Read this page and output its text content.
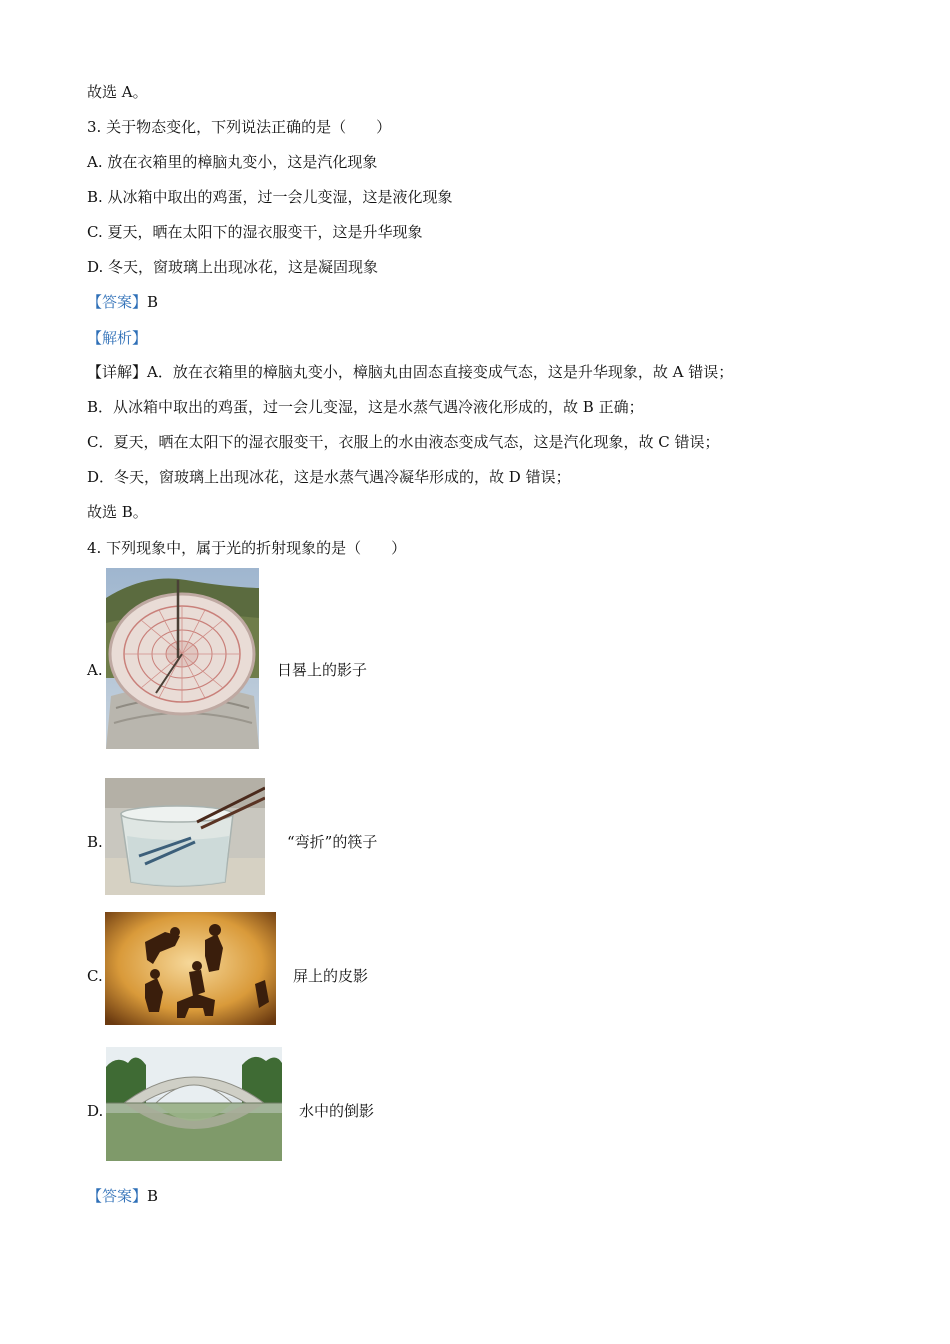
故选 A。
3. 关于物态变化，下列说法正确的是（　　）
A. 放在衣箱里的樟脑丸变小，这是汽化现象
B. 从冰箱中取出的鸡蛋，过一会儿变湿，这是液化现象
C. 夏天，晒在太阳下的湿衣服变干，这是升华现象
D. 冬天，窗玻璃上出现冰花，这是凝固现象
【答案】B
【解析】
【详解】A．放在衣箱里的樟脑丸变小，樟脑丸由固态直接变成气态，这是升华现象，故 A 错误；
B．从冰箱中取出的鸡蛋，过一会儿变湿，这是水蒸气遇冷液化形成的，故 B 正确；
C．夏天，晒在太阳下的湿衣服变干，衣服上的水由液态变成气态，这是汽化现象，故 C 错误；
D．冬天，窗玻璃上出现冰花，这是水蒸气遇冷凝华形成的，故 D 错误；
故选 B。
4. 下列现象中，属于光的折射现象的是（　　）
A.	日晷上的影子
B.	“弯折”的筷子
C.	屏上的皮影
D.	水中的倒影
【答案】B
